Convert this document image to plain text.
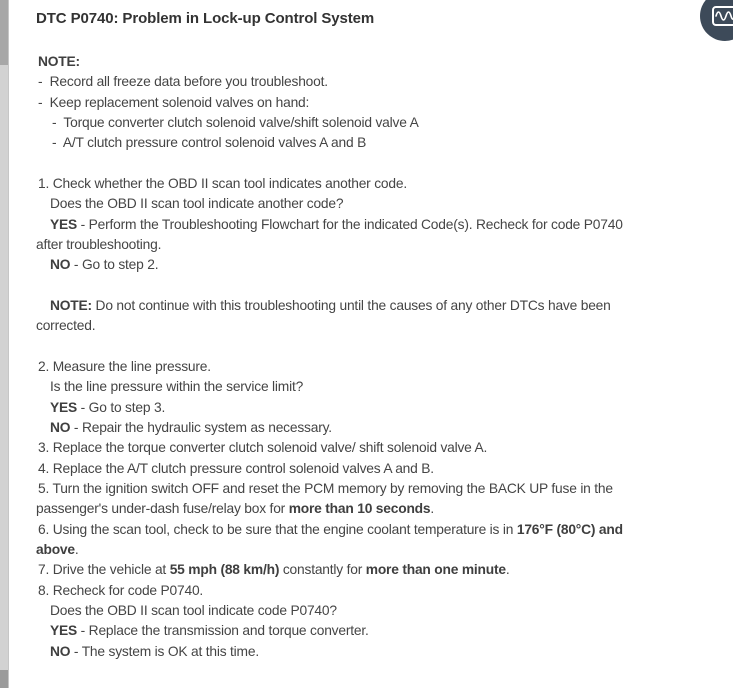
DTC P0740: Problem in Lock-up Control System
NOTE:
-  Record all freeze data before you troubleshoot.
-  Keep replacement solenoid valves on hand:
-  Torque converter clutch solenoid valve/shift solenoid valve A
-  A/T clutch pressure control solenoid valves A and B
1. Check whether the OBD II scan tool indicates another code.
Does the OBD II scan tool indicate another code?
YES - Perform the Troubleshooting Flowchart for the indicated Code(s). Recheck for code P0740
after troubleshooting.
NO - Go to step 2.
NOTE: Do not continue with this troubleshooting until the causes of any other DTCs have been
corrected.
2. Measure the line pressure.
Is the line pressure within the service limit?
YES - Go to step 3.
NO - Repair the hydraulic system as necessary.
3. Replace the torque converter clutch solenoid valve/ shift solenoid valve A.
4. Replace the A/T clutch pressure control solenoid valves A and B.
5. Turn the ignition switch OFF and reset the PCM memory by removing the BACK UP fuse in the
passenger's under-dash fuse/relay box for more than 10 seconds.
6. Using the scan tool, check to be sure that the engine coolant temperature is in 176°F (80°C) and
above.
7. Drive the vehicle at 55 mph (88 km/h) constantly for more than one minute.
8. Recheck for code P0740.
Does the OBD II scan tool indicate code P0740?
YES - Replace the transmission and torque converter.
NO - The system is OK at this time.
